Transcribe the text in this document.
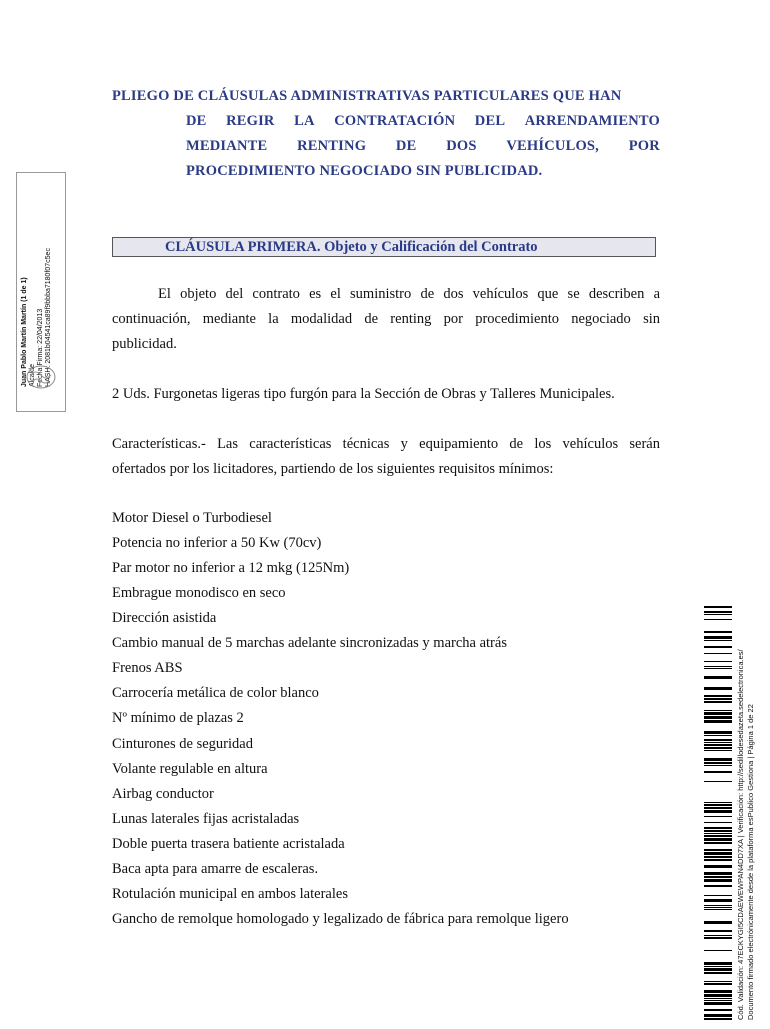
Juan Pablo Martín Martín (1 de 1) Alcalde Fecha Firma: 22/04/2013 HASH: 2081b04541ca89f9bbba7180f07c5ec
PLIEGO DE CLÁUSULAS ADMINISTRATIVAS PARTICULARES QUE HAN
DE REGIR LA CONTRATACIÓN DEL ARRENDAMIENTO
MEDIANTE RENTING DE DOS VEHÍCULOS, POR
PROCEDIMIENTO NEGOCIADO SIN PUBLICIDAD.
CLÁUSULA PRIMERA. Objeto y Calificación del Contrato
El objeto del contrato es el suministro de dos vehículos que se describen a
continuación, mediante la modalidad de renting por procedimiento negociado sin
publicidad.
2 Uds. Furgonetas ligeras tipo furgón para la Sección de Obras y Talleres Municipales.
Características.- Las características técnicas y equipamiento de los vehículos serán
ofertados por los licitadores, partiendo de los siguientes requisitos mínimos:
Motor Diesel o Turbodiesel
Potencia no inferior a 50 Kw (70cv)
Par motor no inferior a 12 mkg (125Nm)
Embrague monodisco en seco
Dirección asistida
Cambio manual de 5 marchas adelante sincronizadas y marcha atrás
Frenos ABS
Carrocería metálica de color blanco
Nº mínimo de plazas 2
Cinturones de seguridad
Volante regulable en altura
Airbag conductor
Lunas laterales fijas acristaladas
Doble puerta trasera batiente acristalada
Baca apta para amarre de escaleras.
Rotulación municipal en ambos laterales
Gancho de remolque homologado y legalizado de fábrica para remolque ligero	Cód. Validación: 47ECKYGI5CDAEWEWPAN4DD7XA | Verificación: http://sedillodesedazeta.sedelectronica.es/ Documento firmado electrónicamente desde la plataforma esPublico Gestiona | Página 1 de 22
